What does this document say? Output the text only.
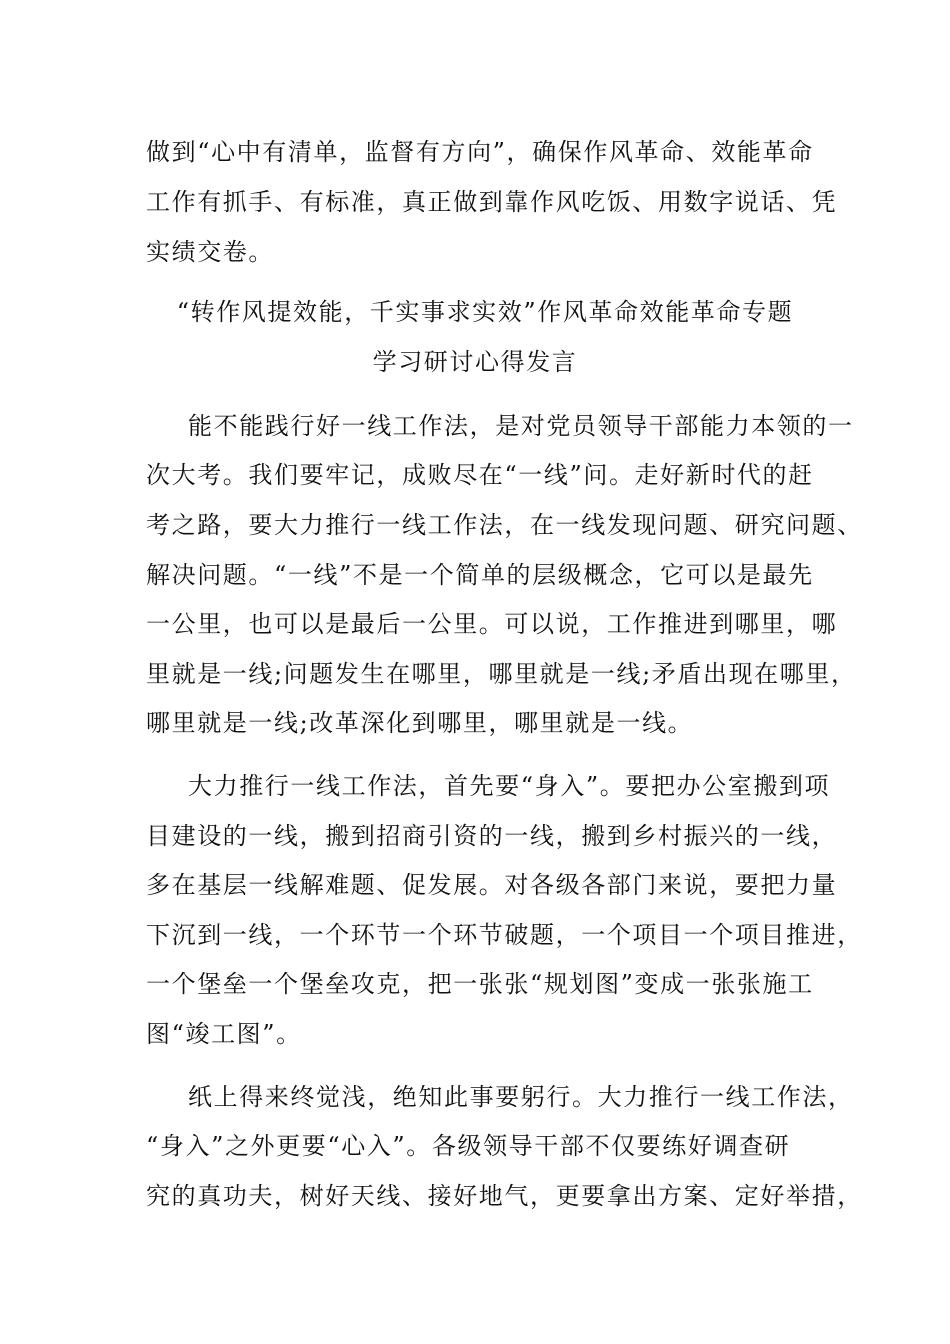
做到“心中有清单，监督有方向”，确保作风革命、效能革命
工作有抓手、有标准，真正做到靠作风吃饭、用数字说话、凭
实绩交卷。
“转作风提效能，千实事求实效”作风革命效能革命专题
学习研讨心得发言
能不能践行好一线工作法，是对党员领导干部能力本领的一
次大考。我们要牢记，成败尽在“一线”问。走好新时代的赶
考之路，要大力推行一线工作法，在一线发现问题、研究问题、
解决问题。“一线”不是一个简单的层级概念，它可以是最先
一公里，也可以是最后一公里。可以说，工作推进到哪里，哪
里就是一线;问题发生在哪里，哪里就是一线;矛盾出现在哪里，
哪里就是一线;改革深化到哪里，哪里就是一线。
大力推行一线工作法，首先要“身入”。要把办公室搬到项
目建设的一线，搬到招商引资的一线，搬到乡村振兴的一线，
多在基层一线解难题、促发展。对各级各部门来说，要把力量
下沉到一线，一个环节一个环节破题，一个项目一个项目推进，
一个堡垒一个堡垒攻克，把一张张“规划图”变成一张张施工
图“竣工图”。
纸上得来终觉浅，绝知此事要躬行。大力推行一线工作法，
“身入”之外更要“心入”。各级领导干部不仅要练好调查研
究的真功夫，树好天线、接好地气，更要拿出方案、定好举措，
